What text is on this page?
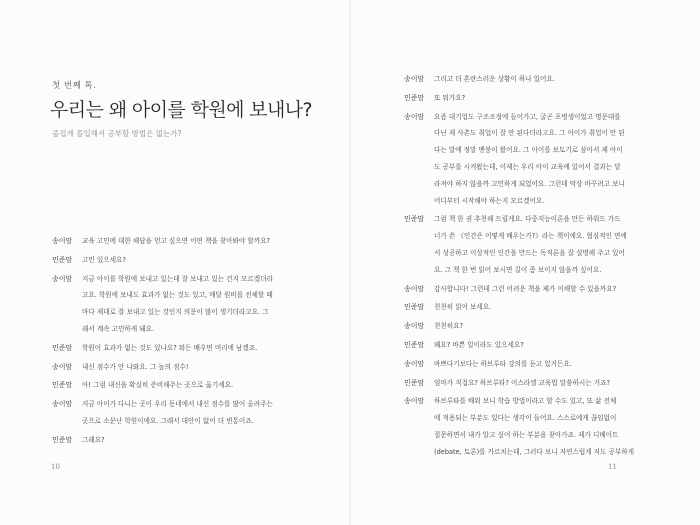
첫 번째 톡.
우리는 왜 아이를 학원에 보내나?
줄겁게 몰입해서 공부할 방법은 없는가?
송이맘	교육 고민에 대한 해답을 얻고 싶으면 어떤 책을 찾아봐야 할까요?
민준맘	고민 있으세요?
송이맘	지금 아이를 학원에 보내고 있는데 잘 보내고 있는 건지 모르겠더라
고요. 학원에 보내도 효과가 없는 것도 있고, 매달 원비를 전체할 때
마다 제대로 잘 보내고 있는 것인지 의문이 많이 생기더라고요. 그
래서 계속 고민하게 돼요.
민준맘	학원이 효과가 없는 것도 있나요? 뭐든 배우면 머리에 남겠죠.
송이맘	내신 점수가 안 나와요. 그 높의 점수!
민준맘	아! 그럼 내신을 확실히 준비해주는 곳으로 옮기세요.
송이맘	지금 아이가 다니는 곳이 우리 동네에서 내신 점수를 많이 올려주는
곳으로 소문난 학원이에요. 그래서 대안이 없어 더 변통이죠.
민준맘	그래요?
10
송이맘	그리고 더 혼란스러운 상황이 하나 있어요.
민준맘	또 뭐가요?
송이맘	요즘 대기업도 구조조정에 들어가고, 굴곤 포병생이었고 명문대를
다닌 제 사촌도 취업이 잘 안 된다더라고요. 그 아이가 취업이 안 된
다는 말에 정말 멘붕이 왔어요. 그 아이를 보토기로 삼아서 제 아이
도 공부를 시켜왔는데, 이제는 우리 아이 교육에 있어서 결과는 달
라져야 하지 않을까 고민하게 되었어요. 그런데 막상 바꾸려고 보니
어디부터 시작해야 하는지 모르겠어요.
민준맘	그럼 책 한 권 추천해 드릴게요. 다중지능이론을 만든 하워드 가드
너가 쓴 《인간은 어떻게 배우는가?》라는 책이에요. 협심적인 면에
서 성공하고 이상적인 인간을 만드는 독적론을 잘 설명해 주고 있어
요. 그 책 한 번 읽어 보시면 길이 좀 보이지 않을까 싶어요.
송이맘	감사합니다! 그런데 그런 어려운 책을 제가 이해할 수 있을까요?
민준맘	천천히 읽어 보세요.
송이맘	천천히요?
민준맘	왜요? 바쁜 일이라도 있으세요?
송이맘	바쁘다기보다는 하브루타 강의를 듣고 있거든요.
민준맘	엄마가 직접요? 하브루타? 이스라엘 교육법 말씀하시는 거죠?
송이맘	하브루타를 배워 보니 학습 방법이라고 할 수도 있고, 또 삶 전체
에 적용되는 부분도 있다는 생각이 들어요. 스스로에게 끊임없이
질문하면서 내가 알고 싶어 하는 부분을 찾아가죠. 제가 디베이트
(debate, 토론)를 가르치는데, 그러다 보니 자연스럽게 저도 공부하게
11
